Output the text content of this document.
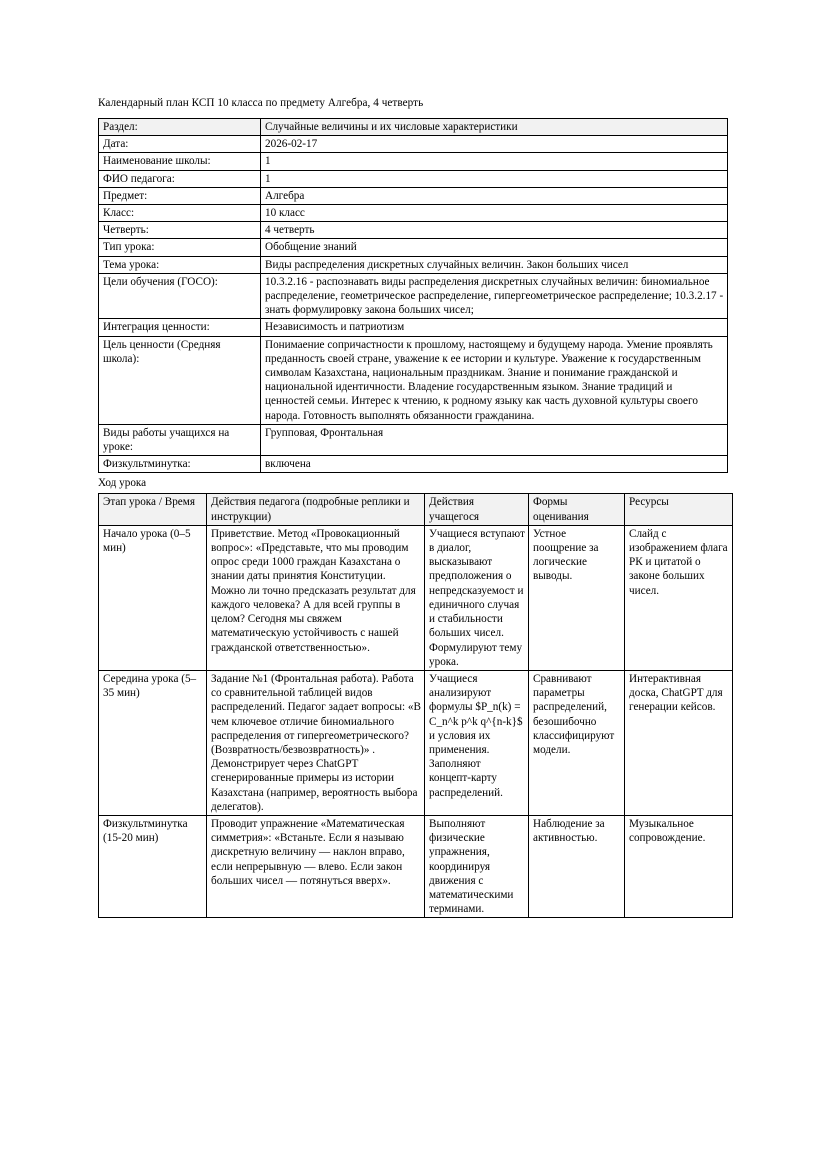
Календарный план КСП 10 класса по предмету Алгебра, 4 четверть
Раздел:	Случайные величины и их числовые характеристики
Дата:	2026-02-17
Наименование школы:	1
ФИО педагога:	1
Предмет:	Алгебра
Класс:	10 класс
Четверть:	4 четверть
Тип урока:	Обобщение знаний
Тема урока:	Виды распределения дискретных случайных величин. Закон больших чисел
Цели обучения (ГОСО):	10.3.2.16 - распознавать виды распределения дискретных случайных величин: биномиальное распределение, геометрическое распределение, гипергеометрическое распределение; 10.3.2.17 - знать формулировку закона больших чисел;
Интеграция ценности:	Независимость и патриотизм
Цель ценности (Средняя школа):	Понимаение сопричастности к прошлому, настоящему и будущему народа. Умение проявлять преданность своей стране, уважение к ее истории и культуре. Уважение к государственным символам Казахстана, национальным праздникам. Знание и понимание гражданской и национальной идентичности. Владение государственным языком. Знание традиций и ценностей семьи. Интерес к чтению, к родному языку как часть духовной культуры своего народа. Готовность выполнять обязанности гражданина.
Виды работы учащихся на уроке:	Групповая, Фронтальная
Физкультминутка:	включена
Ход урока
Этап урока / Время	Действия педагога (подробные реплики и инструкции)	Действия учащегося	Формы оценивания	Ресурсы
Начало урока (0–5 мин)	Приветствие. Метод «Провокационный вопрос»: «Представьте, что мы проводим опрос среди 1000 граждан Казахстана о знании даты принятия Конституции. Можно ли точно предсказать результат для каждого человека? А для всей группы в целом? Сегодня мы свяжем математическую устойчивость с нашей гражданской ответственностью».	Учащиеся вступают в диалог, высказывают предположения о непредсказуемост и единичного случая и стабильности больших чисел. Формулируют тему урока.	Устное поощрение за логические выводы.	Слайд с изображением флага РК и цитатой о законе больших чисел.
Середина урока (5–35 мин)	Задание №1 (Фронтальная работа). Работа со сравнительной таблицей видов распределений. Педагог задает вопросы: «В чем ключевое отличие биномиального распределения от гипергеометрического? (Возвратность/безвозвратность)» . Демонстрирует через ChatGPT сгенерированные примеры из истории Казахстана (например, вероятность выбора делегатов).	Учащиеся анализируют формулы $P_n(k) = C_n^k p^k q^{n-k}$ и условия их применения. Заполняют концепт-карту распределений.	Сравнивают параметры распределений, безошибочно классифицируют модели.	Интерактивная доска, ChatGPT для генерации кейсов.
Физкультминутка (15-20 мин)	Проводит упражнение «Математическая симметрия»: «Встаньте. Если я называю дискретную величину — наклон вправо, если непрерывную — влево. Если закон больших чисел — потянуться вверх».	Выполняют физические упражнения, координируя движения с математическими терминами.	Наблюдение за активностью.	Музыкальное сопровождение.
